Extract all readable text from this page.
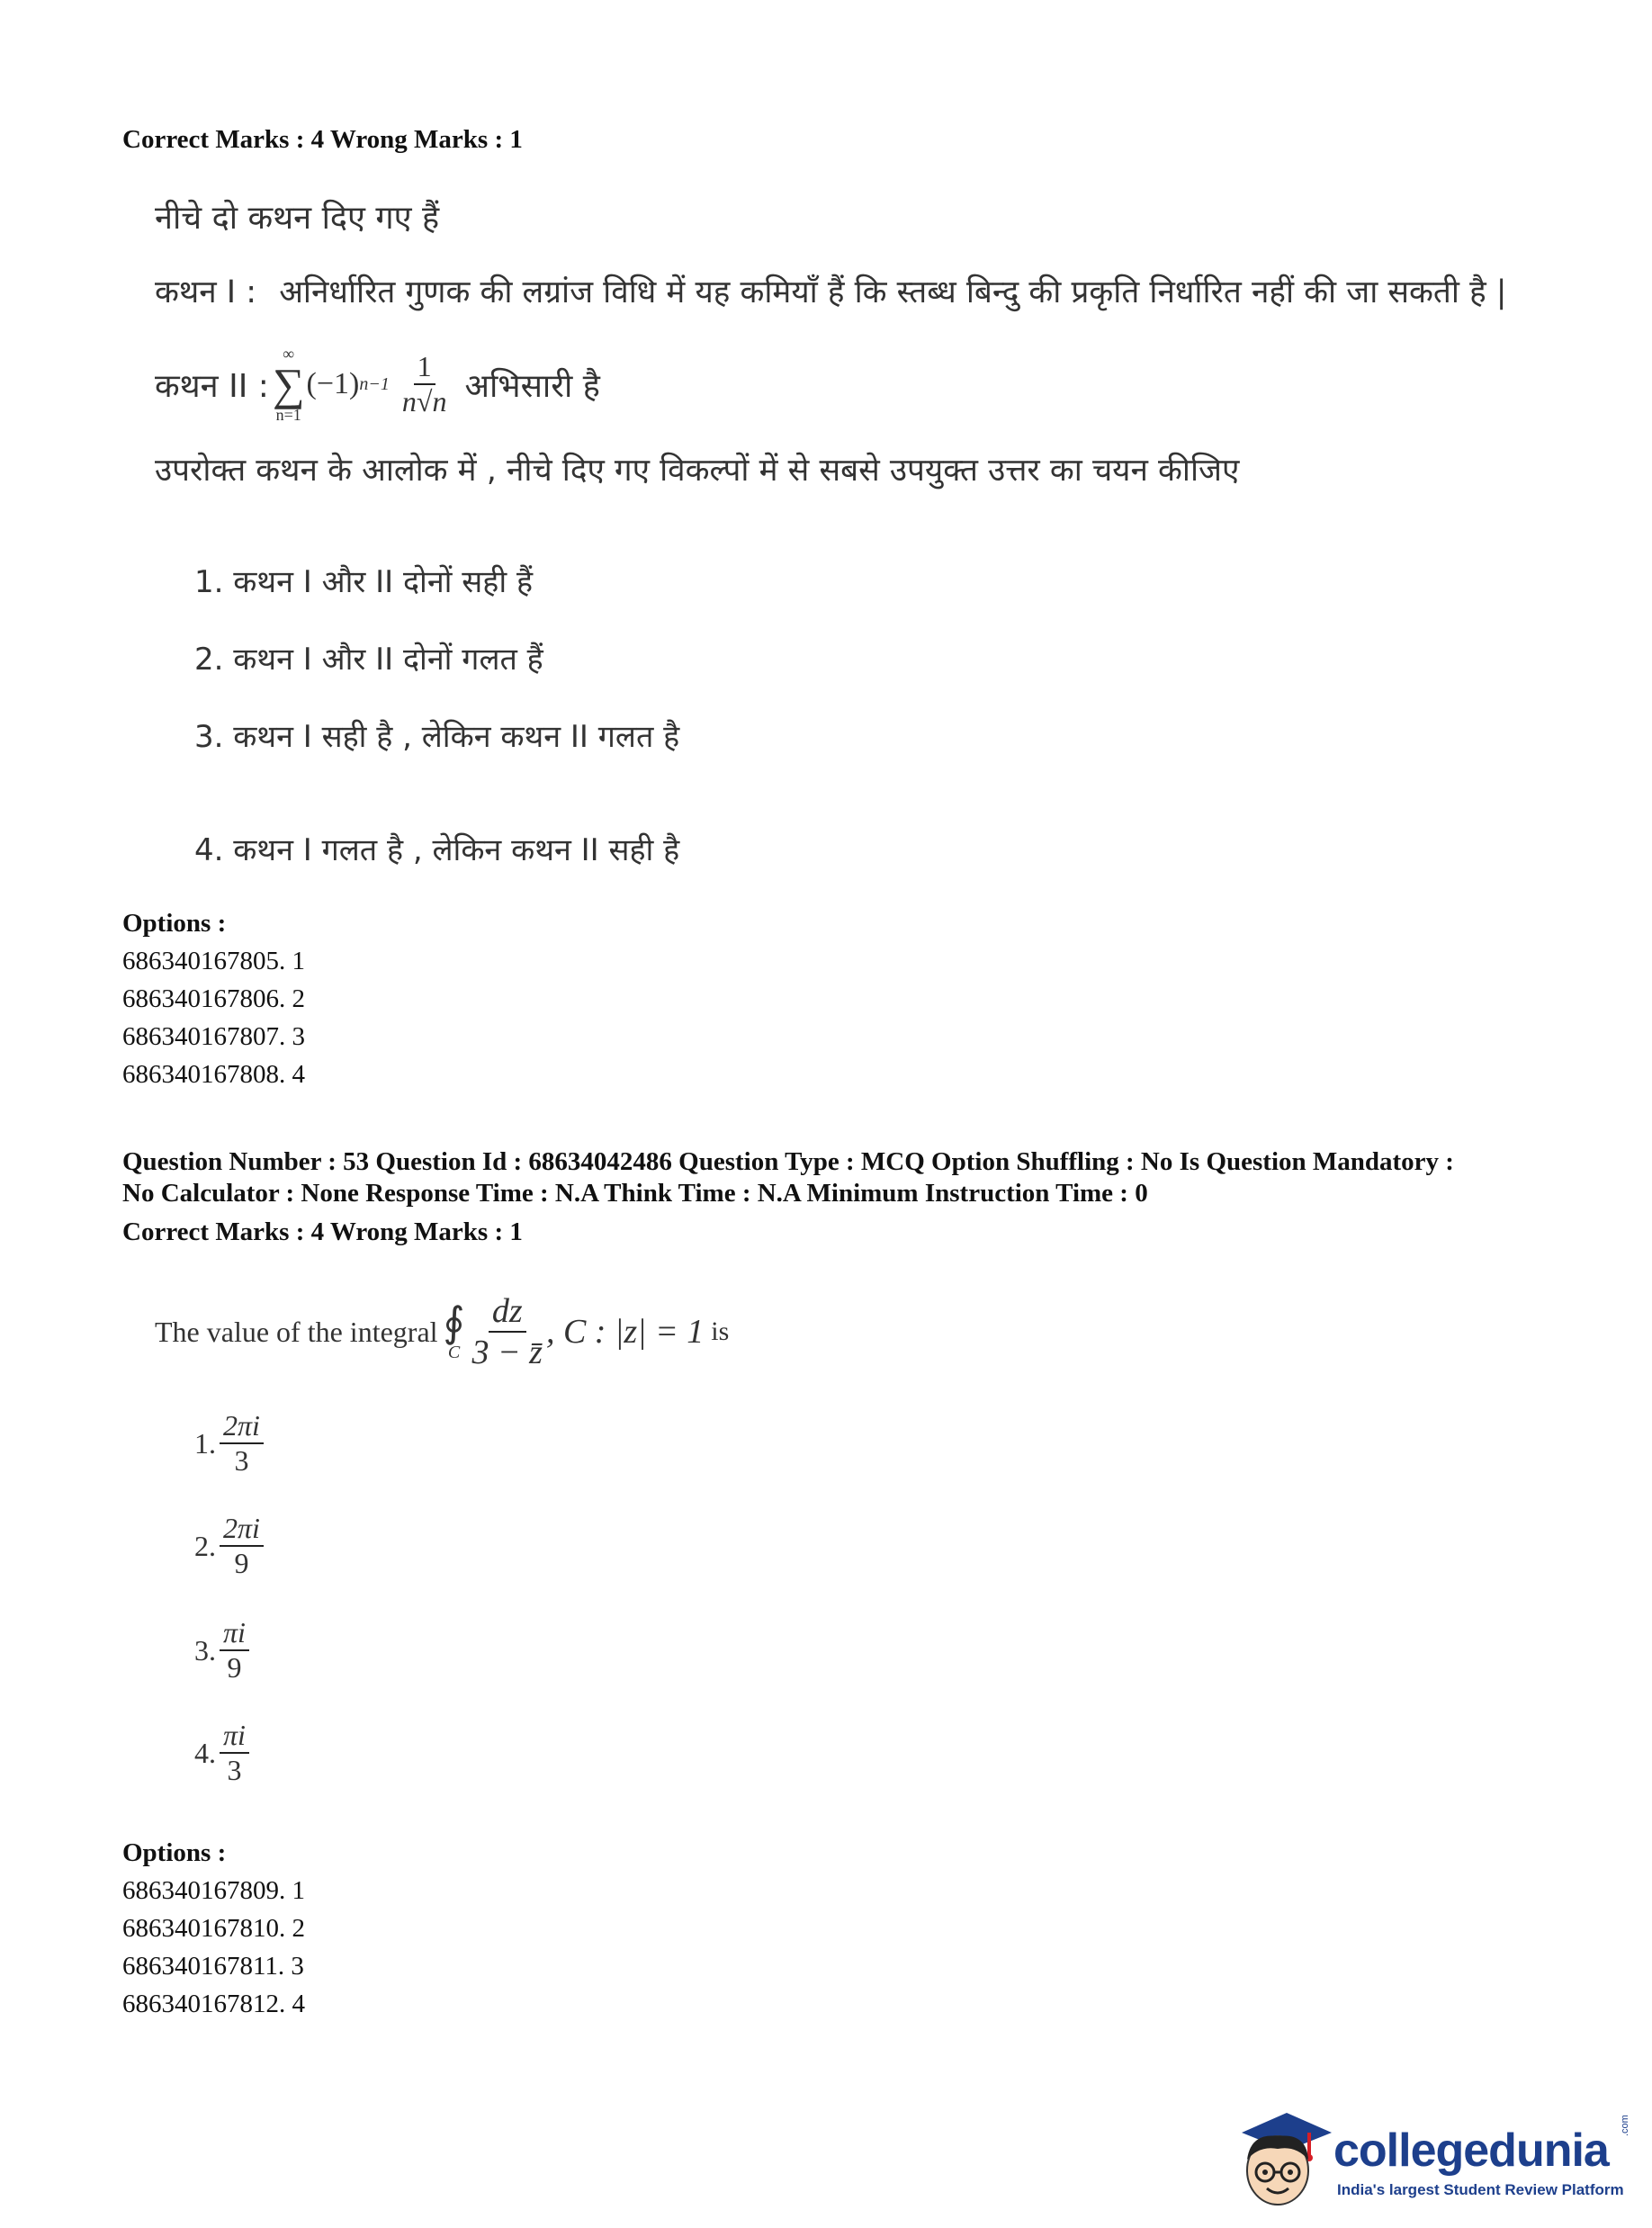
Correct Marks : 4 Wrong Marks : 1
नीचे दो कथन दिए गए हैं
कथन I : अनिर्धारित गुणक की लग्रांज विधि में यह कमियाँ हैं कि स्तब्ध बिन्दु की प्रकृति निर्धारित नहीं की जा सकती है |
कथन II :
∞
∑
n=1
(−1) $n-1 \frac{1}{n√n}$ अभिसारी है
उपरोक्त कथन के आलोक में , नीचे दिए गए विकल्पों में से सबसे उपयुक्त उत्तर का चयन कीजिए
1. कथन I और II दोनों सही हैं
2. कथन I और II दोनों गलत हैं
3. कथन I सही है , लेकिन कथन II गलत है
4. कथन I गलत है , लेकिन कथन II सही है
Options :
686340167805. 1
686340167806. 2
686340167807. 3
686340167808. 4
Question Number : 53 Question Id : 68634042486 Question Type : MCQ Option Shuffling : No Is Question Mandatory :
No Calculator : None Response Time : N.A Think Time : N.A Minimum Instruction Time : 0
Correct Marks : 4 Wrong Marks : 1
The value of the integral ∮
C $\frac{dz}{3 - z̄}$ , C : |z| = 1 is
1. $\frac{2\pi i}{3}$
2. $\frac{2\pi i}{9}$
3. $\frac{\pi i}{9}$
4. $\frac{\pi i}{3}$
Options :
686340167809. 1
686340167810. 2
686340167811. 3
686340167812. 4
collegedunia .com
India's largest Student Review Platform
